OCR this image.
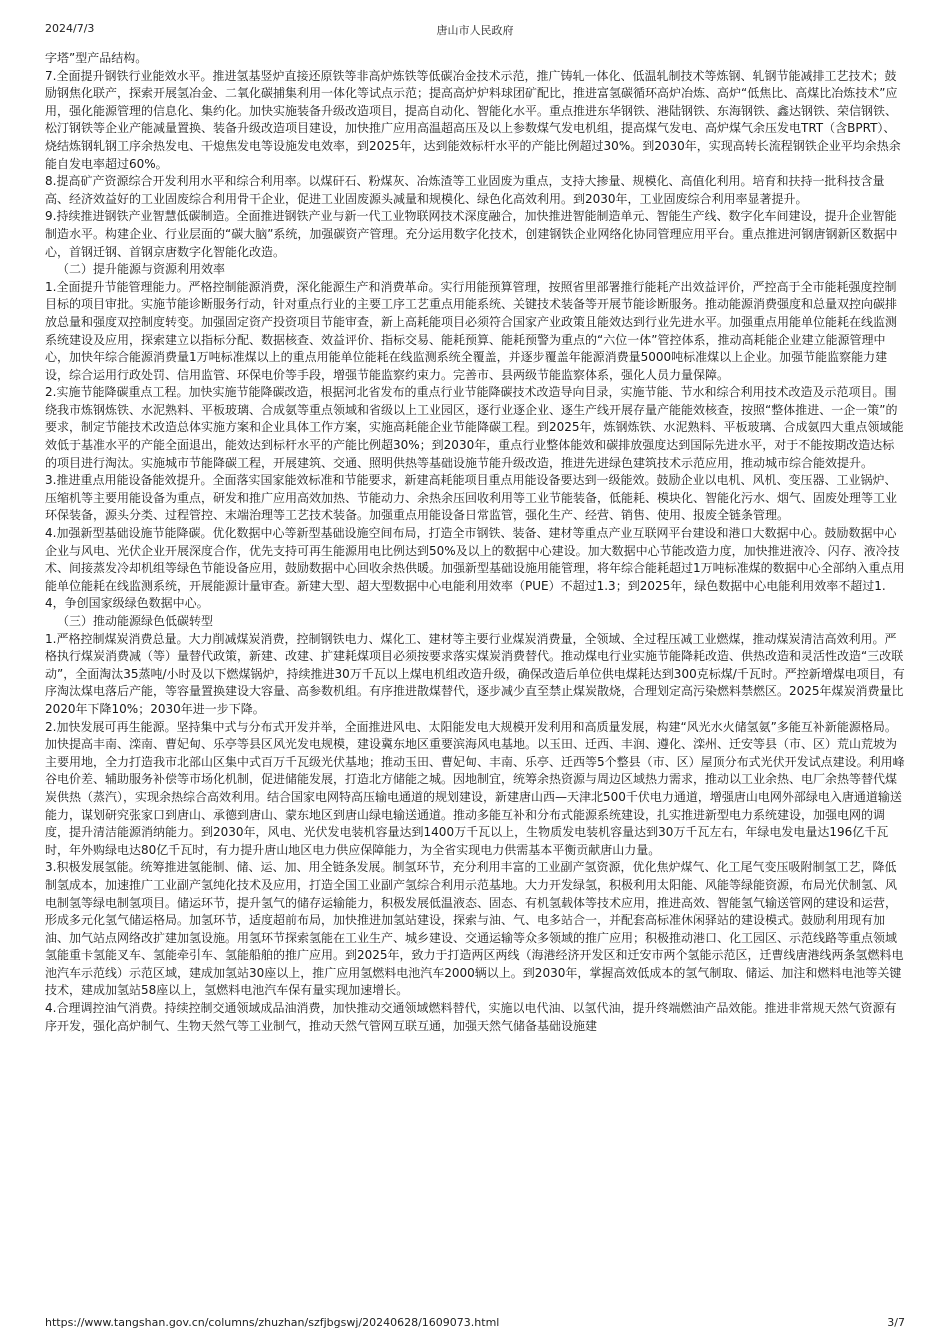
2024/7/3	唐山市人民政府

字塔”型产品结构。

7.全面提升钢铁行业能效水平。推进氢基竖炉直接还原铁等非高炉炼铁等低碳冶金技术示范，推广铸轧一体化、低温轧制技术等炼钢、轧钢节能减排工艺技术；鼓励钢焦化联产，探索开展氢冶金、二氧化碳捕集利用一体化等试点示范；提高高炉炉料球团矿配比，推进富氢碳循环高炉冶炼、高炉“低焦比、高煤比冶炼技术”应用，强化能源管理的信息化、集约化。加快实施装备升级改造项目，提高自动化、智能化水平。重点推进东华钢铁、港陆钢铁、东海钢铁、鑫达钢铁、荣信钢铁、松汀钢铁等企业产能减量置换、装备升级改造项目建设，加快推广应用高温超高压及以上参数煤气发电机组，提高煤气发电、高炉煤气余压发电TRT（含BPRT）、烧结炼钢轧钢工序余热发电、干熄焦发电等设施发电效率，到2025年，达到能效标杆水平的产能比例超过30%。到2030年，实现高转长流程钢铁企业平均余热余能自发电率超过60%。

8.提高矿产资源综合开发利用水平和综合利用率。以煤矸石、粉煤灰、冶炼渣等工业固废为重点，支持大掺量、规模化、高值化利用。培育和扶持一批科技含量高、经济效益好的工业固废综合利用骨干企业，促进工业固废源头减量和规模化、绿色化高效利用。到2030年，工业固废综合利用率显著提升。

9.持续推进钢铁产业智慧低碳制造。全面推进钢铁产业与新一代工业物联网技术深度融合，加快推进智能制造单元、智能生产线、数字化车间建设，提升企业智能制造水平。构建企业、行业层面的“碳大脑”系统，加强碳资产管理。充分运用数字化技术，创建钢铁企业网络化协同管理应用平台。重点推进河钢唐钢新区数据中心，首钢迁钢、首钢京唐数字化智能化改造。

（二）提升能源与资源利用效率

1.全面提升节能管理能力。严格控制能源消费，深化能源生产和消费革命。实行用能预算管理，按照省里部署推行能耗产出效益评价，严控高于全市能耗强度控制目标的项目审批。实施节能诊断服务行动，针对重点行业的主要工序工艺重点用能系统、关键技术装备等开展节能诊断服务。推动能源消费强度和总量双控向碳排放总量和强度双控制度转变。加强固定资产投资项目节能审查，新上高耗能项目必须符合国家产业政策且能效达到行业先进水平。加强重点用能单位能耗在线监测系统建设及应用，探索建立以指标分配、数据核查、效益评价、指标交易、能耗预算、能耗预警为重点的“六位一体”管控体系，推动高耗能企业建立能源管理中心，加快年综合能源消费量1万吨标准煤以上的重点用能单位能耗在线监测系统全覆盖，并逐步覆盖年能源消费量5000吨标准煤以上企业。加强节能监察能力建设，综合运用行政处罚、信用监管、环保电价等手段，增强节能监察约束力。完善市、县两级节能监察体系，强化人员力量保障。

2.实施节能降碳重点工程。加快实施节能降碳改造，根据河北省发布的重点行业节能降碳技术改造导向目录，实施节能、节水和综合利用技术改造及示范项目。围绕我市炼钢炼铁、水泥熟料、平板玻璃、合成氨等重点领域和省级以上工业园区，逐行业逐企业、逐生产线开展存量产能能效核查，按照“整体推进、一企一策”的要求，制定节能技术改造总体实施方案和企业具体工作方案，实施高耗能企业节能降碳工程。到2025年，炼钢炼铁、水泥熟料、平板玻璃、合成氨四大重点领域能效低于基准水平的产能全面退出，能效达到标杆水平的产能比例超30%；到2030年，重点行业整体能效和碳排放强度达到国际先进水平，对于不能按期改造达标的项目进行淘汰。实施城市节能降碳工程，开展建筑、交通、照明供热等基础设施节能升级改造，推进先进绿色建筑技术示范应用，推动城市综合能效提升。

3.推进重点用能设备能效提升。全面落实国家能效标准和节能要求，新建高耗能项目重点用能设备要达到一级能效。鼓励企业以电机、风机、变压器、工业锅炉、压缩机等主要用能设备为重点，研发和推广应用高效加热、节能动力、余热余压回收利用等工业节能装备，低能耗、模块化、智能化污水、烟气、固废处理等工业环保装备，源头分类、过程管控、末端治理等工艺技术装备。加强重点用能设备日常监管，强化生产、经营、销售、使用、报废全链条管理。

4.加强新型基础设施节能降碳。优化数据中心等新型基础设施空间布局，打造全市钢铁、装备、建材等重点产业互联网平台建设和港口大数据中心。鼓励数据中心企业与风电、光伏企业开展深度合作，优先支持可再生能源用电比例达到50%及以上的数据中心建设。加大数据中心节能改造力度，加快推进液冷、闪存、液冷技术、间接蒸发冷却机组等绿色节能设备应用，鼓励数据中心回收余热供暖。加强新型基础设施用能管理，将年综合能耗超过1万吨标准煤的数据中心全部纳入重点用能单位能耗在线监测系统，开展能源计量审查。新建大型、超大型数据中心电能利用效率（PUE）不超过1.3；到2025年，绿色数据中心电能利用效率不超过1.4，争创国家级绿色数据中心。

（三）推动能源绿色低碳转型

1.严格控制煤炭消费总量。大力削减煤炭消费，控制钢铁电力、煤化工、建材等主要行业煤炭消费量，全领域、全过程压减工业燃煤，推动煤炭清洁高效利用。严格执行煤炭消费减（等）量替代政策，新建、改建、扩建耗煤项目必须按要求落实煤炭消费替代。推动煤电行业实施节能降耗改造、供热改造和灵活性改造“三改联动”，全面淘汰35蒸吨/小时及以下燃煤锅炉，持续推进30万千瓦以上煤电机组改造升级，确保改造后单位供电煤耗达到300克标煤/千瓦时。严控新增煤电项目，有序淘汰煤电落后产能，等容量置换建设大容量、高参数机组。有序推进散煤替代，逐步减少直至禁止煤炭散烧，合理划定高污染燃料禁燃区。2025年煤炭消费量比2020年下降10%；2030年进一步下降。

2.加快发展可再生能源。坚持集中式与分布式开发并举，全面推进风电、太阳能发电大规模开发利用和高质量发展，构建“风光水火储氢氨”多能互补新能源格局。加快提高丰南、滦南、曹妃甸、乐亭等县区风光发电规模，建设冀东地区重要滨海风电基地。以玉田、迁西、丰润、遵化、滦州、迁安等县（市、区）荒山荒坡为主要用地，全力打造我市北部山区集中式百万千瓦级光伏基地；推动玉田、曹妃甸、丰南、乐亭、迁西等5个整县（市、区）屋顶分布式光伏开发试点建设。利用峰谷电价差、辅助服务补偿等市场化机制，促进储能发展，打造北方储能之城。因地制宜，统筹余热资源与周边区域热力需求，推动以工业余热、电厂余热等替代煤炭供热（蒸汽），实现余热综合高效利用。结合国家电网特高压输电通道的规划建设，新建唐山西—天津北500千伏电力通道，增强唐山电网外部绿电入唐通道输送能力，谋划研究张家口到唐山、承德到唐山、蒙东地区到唐山绿电输送通道。推动多能互补和分布式能源系统建设，扎实推进新型电力系统建设，加强电网的调度，提升清洁能源消纳能力。到2030年，风电、光伏发电装机容量达到1400万千瓦以上，生物质发电装机容量达到30万千瓦左右，年绿电发电量达196亿千瓦时，年外购绿电达80亿千瓦时，有力提升唐山地区电力供应保障能力，为全省实现电力供需基本平衡贡献唐山力量。

3.积极发展氢能。统筹推进氢能制、储、运、加、用全链条发展。制氢环节，充分利用丰富的工业副产氢资源，优化焦炉煤气、化工尾气变压吸附制氢工艺，降低制氢成本，加速推广工业副产氢纯化技术及应用，打造全国工业副产氢综合利用示范基地。大力开发绿氢，积极利用太阳能、风能等绿能资源，布局光伏制氢、风电制氢等绿电制氢项目。储运环节，提升氢气的储存运输能力，积极发展低温液态、固态、有机氢载体等技术应用，推进高效、智能氢气输送管网的建设和运营，形成多元化氢气储运格局。加氢环节，适度超前布局，加快推进加氢站建设，探索与油、气、电多站合一，并配套高标准休闲驿站的建设模式。鼓励利用现有加油、加气站点网络改扩建加氢设施。用氢环节探索氢能在工业生产、城乡建设、交通运输等众多领域的推广应用；积极推动港口、化工园区、示范线路等重点领域氢能重卡氢能叉车、氢能牵引车、氢能船舶的推广应用。到2025年，致力于打造两区两线（海港经济开发区和迁安市两个氢能示范区，迁曹线唐港线两条氢燃料电池汽车示范线）示范区域，建成加氢站30座以上，推广应用氢燃料电池汽车2000辆以上。到2030年，掌握高效低成本的氢气制取、储运、加注和燃料电池等关键技术，建成加氢站58座以上，氢燃料电池汽车保有量实现加速增长。

4.合理调控油气消费。持续控制交通领域成品油消费，加快推动交通领域燃料替代，实施以电代油、以氢代油，提升终端燃油产品效能。推进非常规天然气资源有序开发，强化高炉制气、生物天然气等工业制气，推动天然气管网互联互通，加强天然气储备基础设施建

https://www.tangshan.gov.cn/columns/zhuzhan/szfjbgswj/20240628/1609073.html	3/7
